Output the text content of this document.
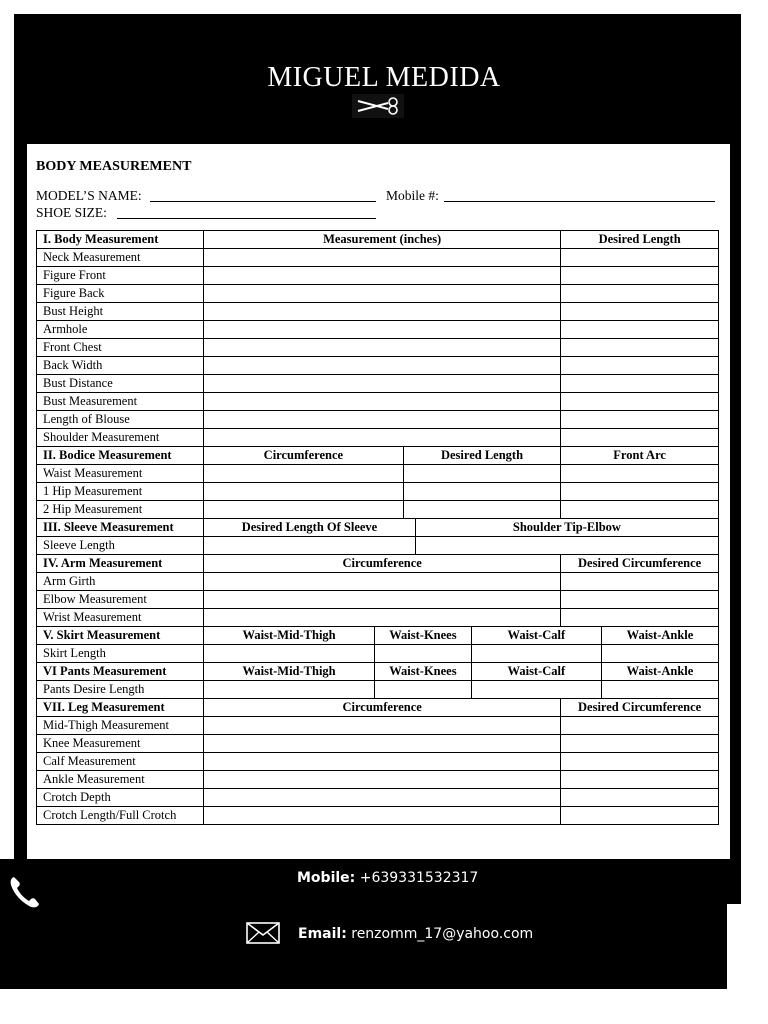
MIGUEL MEDIDA
BODY MEASUREMENT
MODEL’S NAME:	Mobile #:
SHOE SIZE:
I. Body Measurement	Measurement (inches)					Desired Length		
Neck Measurement								
Figure Front								
Figure Back								
Bust Height								
Armhole								
Front Chest								
Back Width								
Bust Distance								
Bust Measurement								
Length of Blouse								
Shoulder Measurement								
II. Bodice Measurement	Circumference		Desired Length			Front Arc	
Waist Measurement								
1 Hip Measurement								
2 Hip Measurement								
III. Sleeve Measurement	Desired Length Of Sleeve			Shoulder Tip-Elbow	
Sleeve Length								
IV. Arm Measurement	Circumference					Desired Circumference		
Arm Girth								
Elbow Measurement								
Wrist Measurement								
V. Skirt Measurement	Waist-Mid-Thigh	Waist-Knees			Waist-Calf		Waist-Ankle	
Skirt Length								
VI Pants Measurement	Waist-Mid-Thigh	Waist-Knees			Waist-Calf		Waist-Ankle	
Pants Desire Length								
VII. Leg Measurement	Circumference					Desired Circumference		
Mid-Thigh Measurement								
Knee Measurement								
Calf Measurement								
Ankle Measurement								
Crotch Depth								
Crotch Length/Full Crotch								
Mobile: +639331532317
Email: renzomm_17@yahoo.com
